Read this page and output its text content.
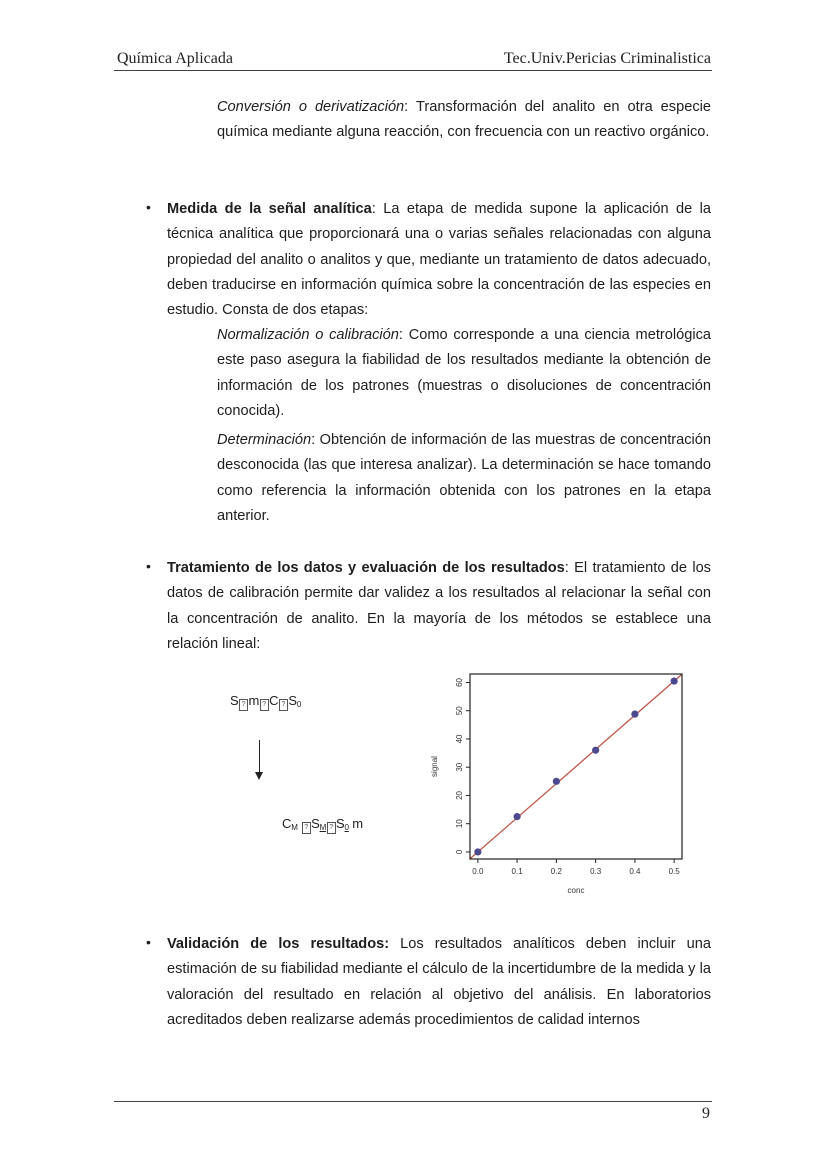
Química Aplicada	Tec.Univ.Pericias Criminalistica
Conversión o derivatización: Transformación del analito en otra especie química mediante alguna reacción, con frecuencia con un reactivo orgánico.
• Medida de la señal analítica: La etapa de medida supone la aplicación de la técnica analítica que proporcionará una o varias señales relacionadas con alguna propiedad del analito o analitos y que, mediante un tratamiento de datos adecuado, deben traducirse en información química sobre la concentración de las especies en estudio. Consta de dos etapas:
Normalización o calibración: Como corresponde a una ciencia metrológica este paso asegura la fiabilidad de los resultados mediante la obtención de información de los patrones (muestras o disoluciones de concentración conocida).
Determinación: Obtención de información de las muestras de concentración desconocida (las que interesa analizar). La determinación se hace tomando como referencia la información obtenida con los patrones en la etapa anterior.
• Tratamiento de los datos y evaluación de los resultados: El tratamiento de los datos de calibración permite dar validez a los resultados al relacionar la señal con la concentración de analito. En la mayoría de los métodos se establece una relación lineal:
S ? m ? C ? $S_0$
$C_M$ ? $S_M$ ? $S_0$ m
0.0	0.1	0.2	0.3	0.4	0.5
0
10
20
30
40
50
60
conc
signal
• Validación de los resultados: Los resultados analíticos deben incluir una estimación de su fiabilidad mediante el cálculo de la incertidumbre de la medida y la valoración del resultado en relación al objetivo del análisis. En laboratorios acreditados deben realizarse además procedimientos de calidad internos
9
